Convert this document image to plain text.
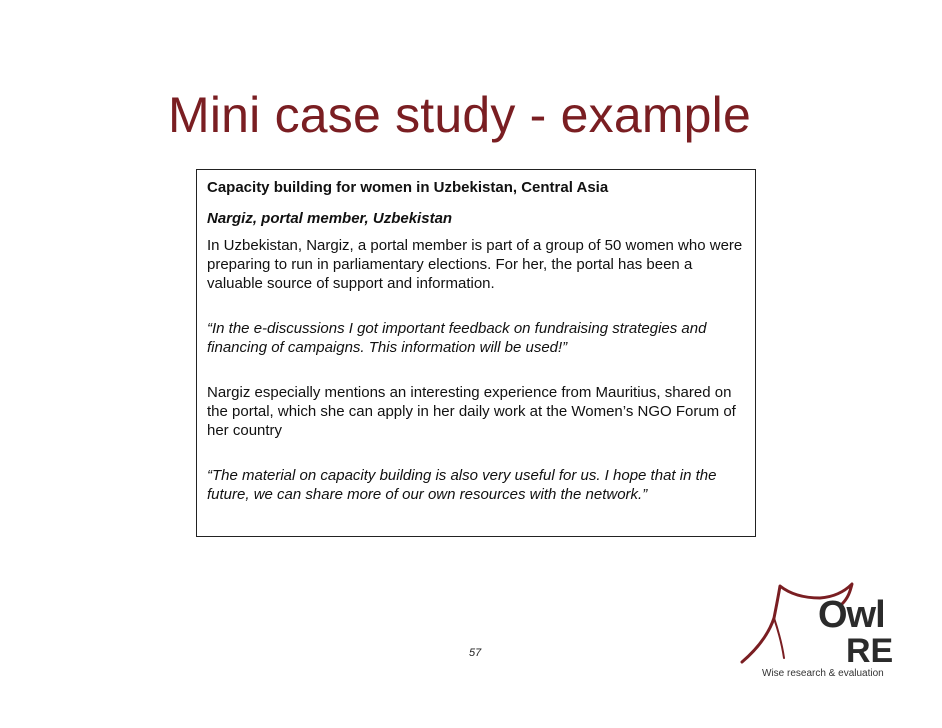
Mini case study - example

Capacity building for women in Uzbekistan, Central Asia

Nargiz, portal member, Uzbekistan

In Uzbekistan, Nargiz, a portal member is part of a group of 50 women who were preparing to run in parliamentary elections. For her, the portal has been a valuable source of support and information.

“In the e-discussions I got important feedback on fundraising strategies and financing of campaigns. This information will be used!”

Nargiz especially mentions an interesting experience from Mauritius, shared on the portal, which she can apply in her daily work at the Women’s NGO Forum of her country

“The material on capacity building is also very useful for us. I hope that in the future, we can share more of our own resources with the network.”

57
Owl
RE
Wise research & evaluation
